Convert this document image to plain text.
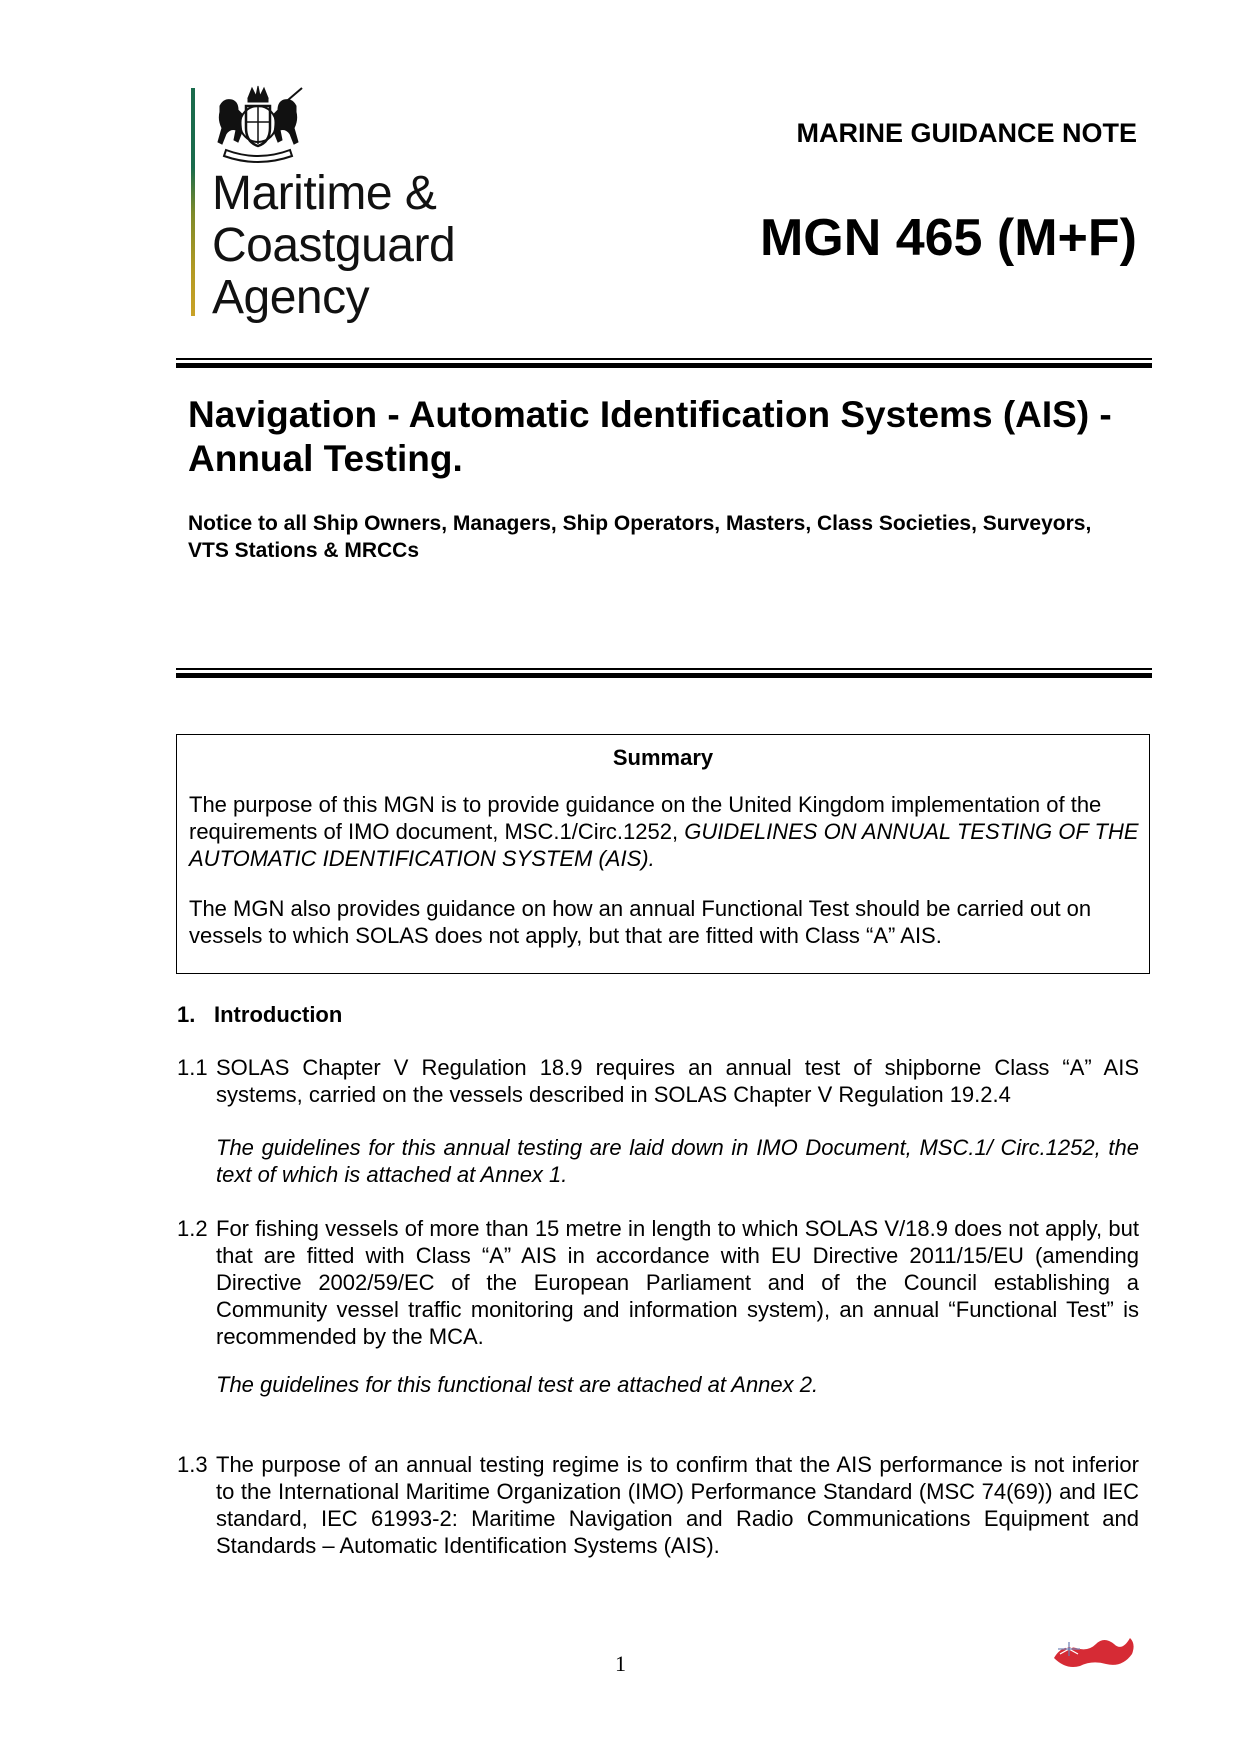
Maritime &
Coastguard
Agency
MARINE GUIDANCE NOTE
MGN 465 (M+F)
Navigation - Automatic Identification Systems (AIS) - Annual Testing.
Notice to all Ship Owners, Managers, Ship Operators, Masters, Class Societies, Surveyors, VTS Stations & MRCCs
Summary
The purpose of this MGN is to provide guidance on the United Kingdom implementation of the requirements of IMO document, MSC.1/Circ.1252, GUIDELINES ON ANNUAL TESTING OF THE AUTOMATIC IDENTIFICATION SYSTEM (AIS).
The MGN also provides guidance on how an annual Functional Test should be carried out on vessels to which SOLAS does not apply, but that are fitted with Class “A” AIS.
1. Introduction
1.1 SOLAS Chapter V Regulation 18.9 requires an annual test of shipborne Class “A” AIS systems, carried on the vessels described in SOLAS Chapter V Regulation 19.2.4
The guidelines for this annual testing are laid down in IMO Document, MSC.1/ Circ.1252, the text of which is attached at Annex 1.
1.2 For fishing vessels of more than 15 metre in length to which SOLAS V/18.9 does not apply, but that are fitted with Class “A” AIS in accordance with EU Directive 2011/15/EU (amending Directive 2002/59/EC of the European Parliament and of the Council establishing a Community vessel traffic monitoring and information system), an annual “Functional Test” is recommended by the MCA.
The guidelines for this functional test are attached at Annex 2.
1.3 The purpose of an annual testing regime is to confirm that the AIS performance is not inferior to the International Maritime Organization (IMO) Performance Standard (MSC 74(69)) and IEC standard, IEC 61993-2: Maritime Navigation and Radio Communications Equipment and Standards – Automatic Identification Systems (AIS).
1
